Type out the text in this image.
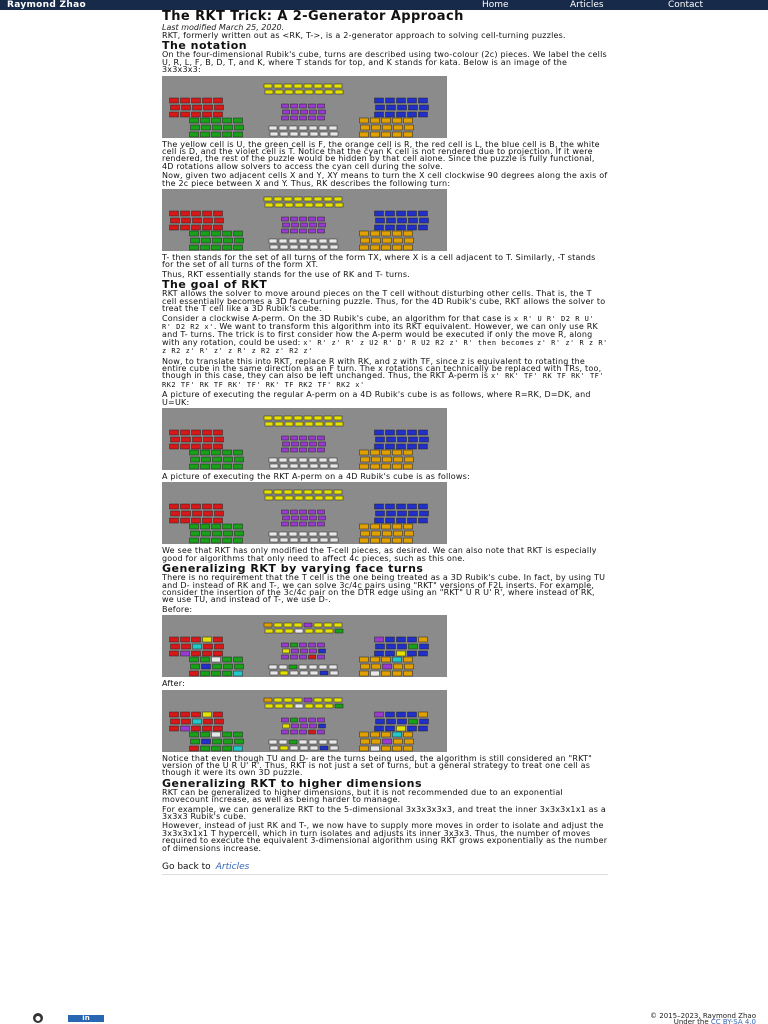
Raymond Zhao	Home	Articles	Contact
The RKT Trick: A 2-Generator Approach
Last modified March 25, 2020.

RKT, formerly written out as <RK, T->, is a 2-generator approach to solving cell-turning puzzles.

The notation

On the four-dimensional Rubik's cube, turns are described using two-colour (2c) pieces. We label the cells U, R, L, F, B, D, T, and K, where T stands for top, and K stands for kata. Below is an image of the 3x3x3x3:

The yellow cell is U, the green cell is F, the orange cell is R, the red cell is L, the blue cell is B, the white cell is D, and the violet cell is T. Notice that the cyan K cell is not rendered due to projection. If it were rendered, the rest of the puzzle would be hidden by that cell alone. Since the puzzle is fully functional, 4D rotations allow solvers to access the cyan cell during the solve.

Now, given two adjacent cells X and Y, XY means to turn the X cell clockwise 90 degrees along the axis of the 2c piece between X and Y. Thus, RK describes the following turn:

T- then stands for the set of all turns of the form TX, where X is a cell adjacent to T. Similarly, -T stands for the set of all turns of the form XT.

Thus, RKT essentially stands for the use of RK and T- turns.

The goal of RKT

RKT allows the solver to move around pieces on the T cell without disturbing other cells. That is, the T cell essentially becomes a 3D face-turning puzzle. Thus, for the 4D Rubik's cube, RKT allows the solver to treat the T cell like a 3D Rubik's cube.

Consider a clockwise A-perm. On the 3D Rubik's cube, an algorithm for that case is x R' U R' D2 R U' R' D2 R2 x'. We want to transform this algorithm into its RKT equivalent. However, we can only use RK and T- turns. The trick is to first consider how the A-perm would be executed if only the move R, along with any rotation, could be used: x' R' z' R' z U2 R' D' R U2 R2 z' R' then becomes z' R' z' R z R' z R2 z' R' z' z R' z R2 z' R2 z'

Now, to translate this into RKT, replace R with RK, and z with TF, since z is equivalent to rotating the entire cube in the same direction as an F turn. The x rotations can technically be replaced with TRs, too, though in this case, they can also be left unchanged. Thus, the RKT A-perm is x' RK' TF' RK TF RK' TF' RK2 TF' RK TF RK' TF' RK' TF RK2 TF' RK2 x'

A picture of executing the regular A-perm on a 4D Rubik's cube is as follows, where R=RK, D=DK, and U=UK:

A picture of executing the RKT A-perm on a 4D Rubik's cube is as follows:

We see that RKT has only modified the T-cell pieces, as desired. We can also note that RKT is especially good for algorithms that only need to affect 4c pieces, such as this one.

Generalizing RKT by varying face turns

There is no requirement that the T cell is the one being treated as a 3D Rubik's cube. In fact, by using TU and D- instead of RK and T-, we can solve 3c/4c pairs using "RKT" versions of F2L inserts. For example, consider the insertion of the 3c/4c pair on the DTR edge using an "RKT" U R U' R', where instead of RK, we use TU, and instead of T-, we use D-.

Before:

After:

Notice that even though TU and D- are the turns being used, the algorithm is still considered an "RKT" version of the U R U' R'. Thus, RKT is not just a set of turns, but a general strategy to treat one cell as though it were its own 3D puzzle.

Generalizing RKT to higher dimensions

RKT can be generalized to higher dimensions, but it is not recommended due to an exponential movecount increase, as well as being harder to manage.

For example, we can generalize RKT to the 5-dimensional 3x3x3x3x3, and treat the inner 3x3x3x1x1 as a 3x3x3 Rubik's cube.

However, instead of just RK and T-, we now have to supply more moves in order to isolate and adjust the 3x3x3x1x1 T hypercell, which in turn isolates and adjusts its inner 3x3x3. Thus, the number of moves required to execute the equivalent 3-dimensional algorithm using RKT grows exponentially as the number of dimensions increase.

Go back to Articles
in	© 2015–2023, Raymond Zhao
Under the CC BY-SA 4.0
